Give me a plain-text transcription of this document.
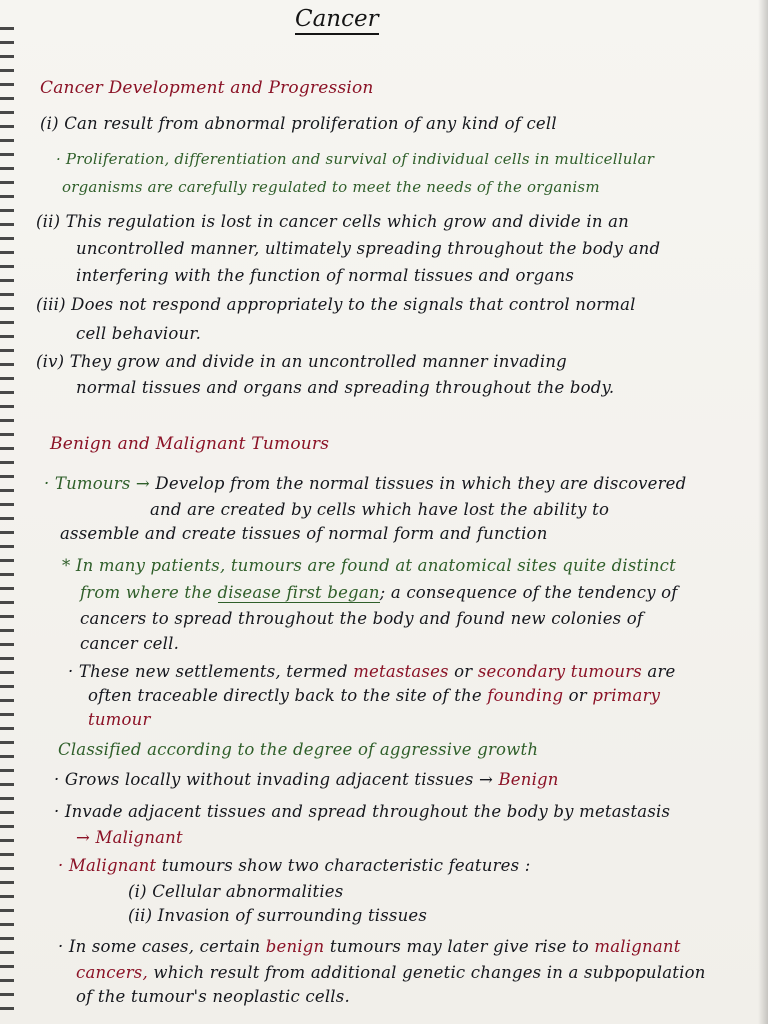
Cancer
Cancer Development and Progression
(i) Can result from abnormal proliferation of any kind of cell
· Proliferation, differentiation and survival of individual cells in multicellular
organisms are carefully regulated to meet the needs of the organism
(ii) This regulation is lost in cancer cells which grow and divide in an
uncontrolled manner, ultimately spreading throughout the body and
interfering with the function of normal tissues and organs
(iii) Does not respond appropriately to the signals that control normal
cell behaviour.
(iv) They grow and divide in an uncontrolled manner invading
normal tissues and organs and spreading throughout the body.
Benign and Malignant Tumours
· Tumours → Develop from the normal tissues in which they are discovered
and are created by cells which have lost the ability to
assemble and create tissues of normal form and function
* In many patients, tumours are found at anatomical sites quite distinct
from where the disease first began; a consequence of the tendency of
cancers to spread throughout the body and found new colonies of
cancer cell.
· These new settlements, termed metastases or secondary tumours are
often traceable directly back to the site of the founding or primary
tumour
Classified according to the degree of aggressive growth
· Grows locally without invading adjacent tissues → Benign
· Invade adjacent tissues and spread throughout the body by metastasis
→ Malignant
· Malignant tumours show two characteristic features :
(i) Cellular abnormalities
(ii) Invasion of surrounding tissues
· In some cases, certain benign tumours may later give rise to malignant
cancers, which result from additional genetic changes in a subpopulation
of the tumour's neoplastic cells.
